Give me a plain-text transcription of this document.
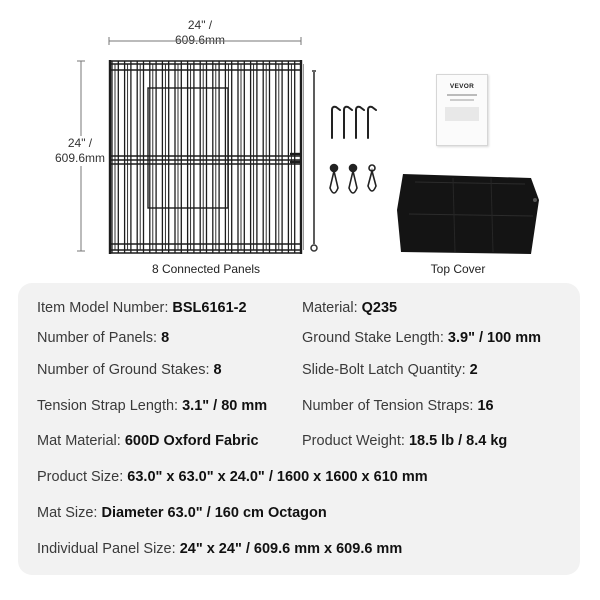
24" /
609.6mm
24" /
609.6mm
VEVOR
8 Connected Panels	Top Cover
Item Model Number: BSL6161-2	Material: Q235
Number of Panels: 8	Ground Stake Length: 3.9" / 100 mm
Number of Ground Stakes: 8	Slide-Bolt Latch Quantity: 2
Tension Strap Length: 3.1" / 80 mm Number of Tension Straps: 16
Mat Material: 600D Oxford Fabric	Product Weight: 18.5 lb / 8.4 kg
Product Size: 63.0" x 63.0" x 24.0" / 1600 x 1600 x 610 mm
Mat Size: Diameter 63.0" / 160 cm Octagon
Individual Panel Size: 24" x 24" / 609.6 mm x 609.6 mm
